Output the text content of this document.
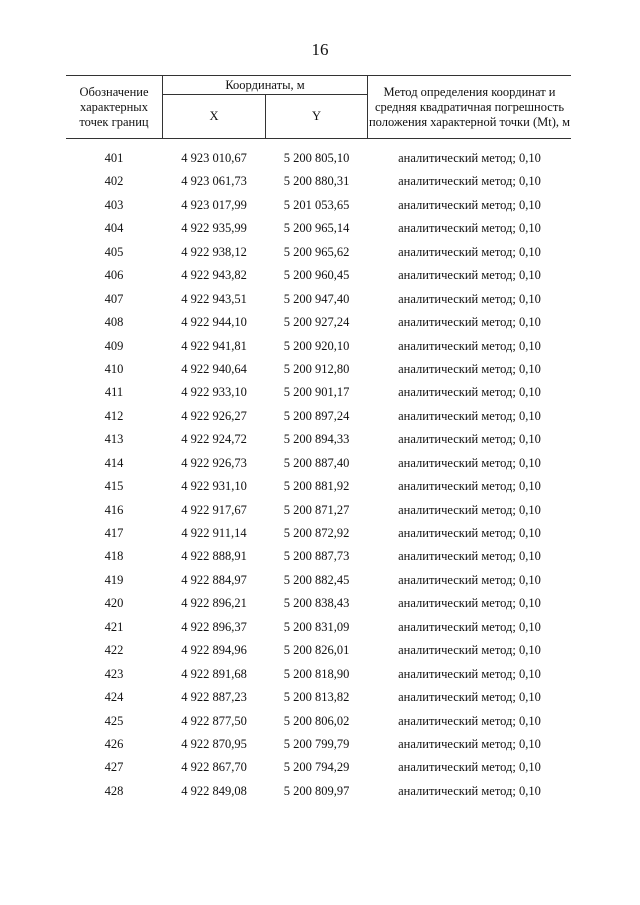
16
Обозначение характерных точек границ
Координаты, м
X	Y
Метод определения координат и средняя квадратичная погрешность положения характерной точки (Мt), м
401	4 923 010,67	5 200 805,10	аналитический метод; 0,10
402	4 923 061,73	5 200 880,31	аналитический метод; 0,10
403	4 923 017,99	5 201 053,65	аналитический метод; 0,10
404	4 922 935,99	5 200 965,14	аналитический метод; 0,10
405	4 922 938,12	5 200 965,62	аналитический метод; 0,10
406	4 922 943,82	5 200 960,45	аналитический метод; 0,10
407	4 922 943,51	5 200 947,40	аналитический метод; 0,10
408	4 922 944,10	5 200 927,24	аналитический метод; 0,10
409	4 922 941,81	5 200 920,10	аналитический метод; 0,10
410	4 922 940,64	5 200 912,80	аналитический метод; 0,10
411	4 922 933,10	5 200 901,17	аналитический метод; 0,10
412	4 922 926,27	5 200 897,24	аналитический метод; 0,10
413	4 922 924,72	5 200 894,33	аналитический метод; 0,10
414	4 922 926,73	5 200 887,40	аналитический метод; 0,10
415	4 922 931,10	5 200 881,92	аналитический метод; 0,10
416	4 922 917,67	5 200 871,27	аналитический метод; 0,10
417	4 922 911,14	5 200 872,92	аналитический метод; 0,10
418	4 922 888,91	5 200 887,73	аналитический метод; 0,10
419	4 922 884,97	5 200 882,45	аналитический метод; 0,10
420	4 922 896,21	5 200 838,43	аналитический метод; 0,10
421	4 922 896,37	5 200 831,09	аналитический метод; 0,10
422	4 922 894,96	5 200 826,01	аналитический метод; 0,10
423	4 922 891,68	5 200 818,90	аналитический метод; 0,10
424	4 922 887,23	5 200 813,82	аналитический метод; 0,10
425	4 922 877,50	5 200 806,02	аналитический метод; 0,10
426	4 922 870,95	5 200 799,79	аналитический метод; 0,10
427	4 922 867,70	5 200 794,29	аналитический метод; 0,10
428	4 922 849,08	5 200 809,97	аналитический метод; 0,10
